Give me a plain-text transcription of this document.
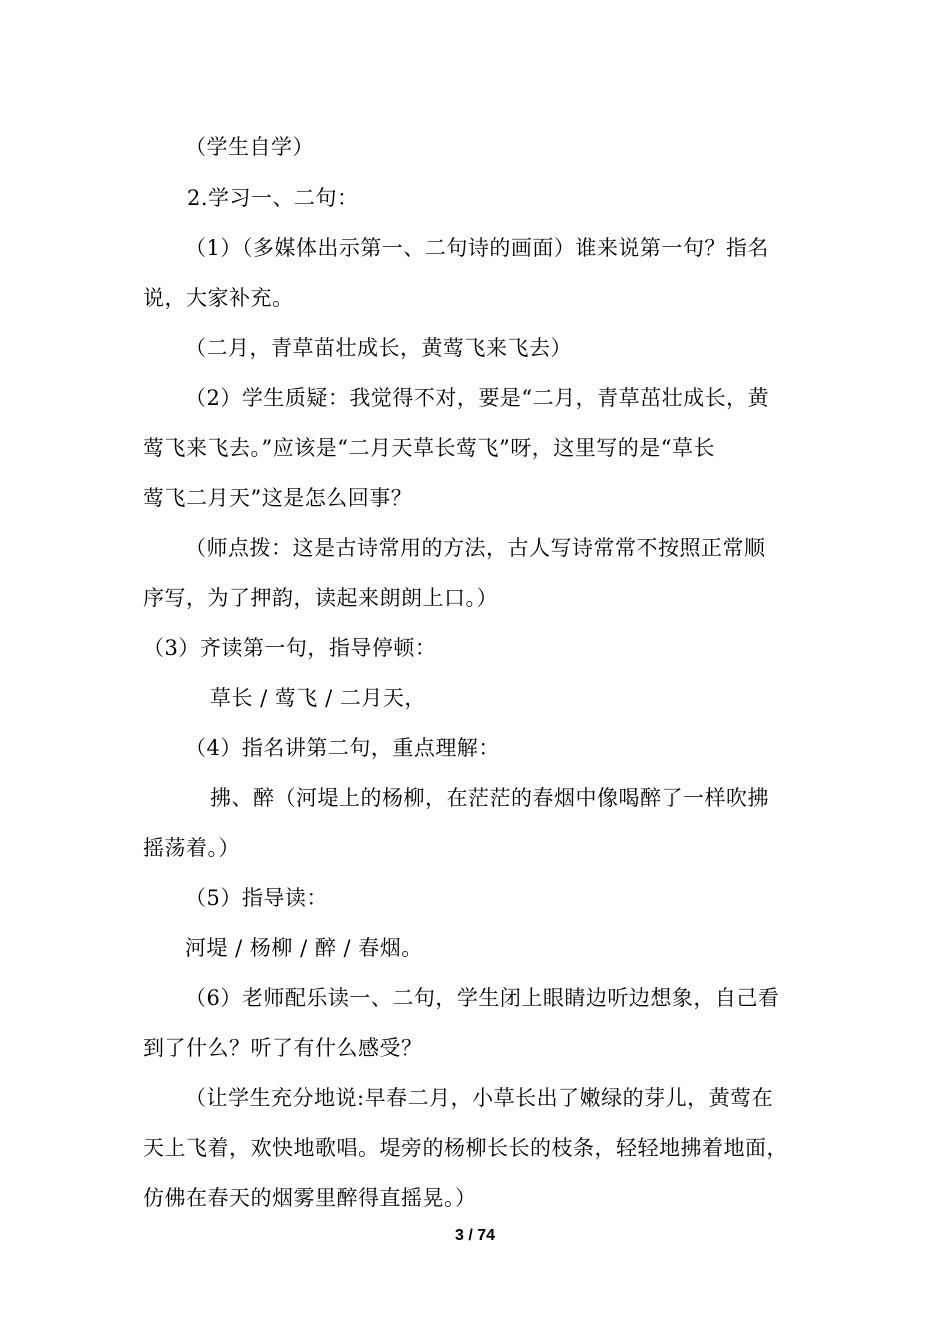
（学生自学）
2.学习一、二句：
（1）（多媒体出示第一、二句诗的画面）谁来说第一句？指名
说，大家补充。
（二月，青草苗壮成长，黄莺飞来飞去）
（2）学生质疑：我觉得不对，要是“二月，青草茁壮成长，黄
莺飞来飞去。”应该是“二月天草长莺飞”呀，这里写的是“草长
莺飞二月天”这是怎么回事？
（师点拨：这是古诗常用的方法，古人写诗常常不按照正常顺
序写，为了押韵，读起来朗朗上口。）
（3）齐读第一句，指导停顿：
草长 / 莺飞 / 二月天，
（4）指名讲第二句，重点理解：
拂、醉（河堤上的杨柳，在茫茫的春烟中像喝醉了一样吹拂
摇荡着。）
（5）指导读：
河堤 / 杨柳 / 醉 / 春烟。
（6）老师配乐读一、二句，学生闭上眼睛边听边想象，自己看
到了什么？听了有什么感受？
（让学生充分地说:早春二月，小草长出了嫩绿的芽儿，黄莺在
天上飞着，欢快地歌唱。堤旁的杨柳长长的枝条，轻轻地拂着地面，
仿佛在春天的烟雾里醉得直摇晃。）
3 / 74
